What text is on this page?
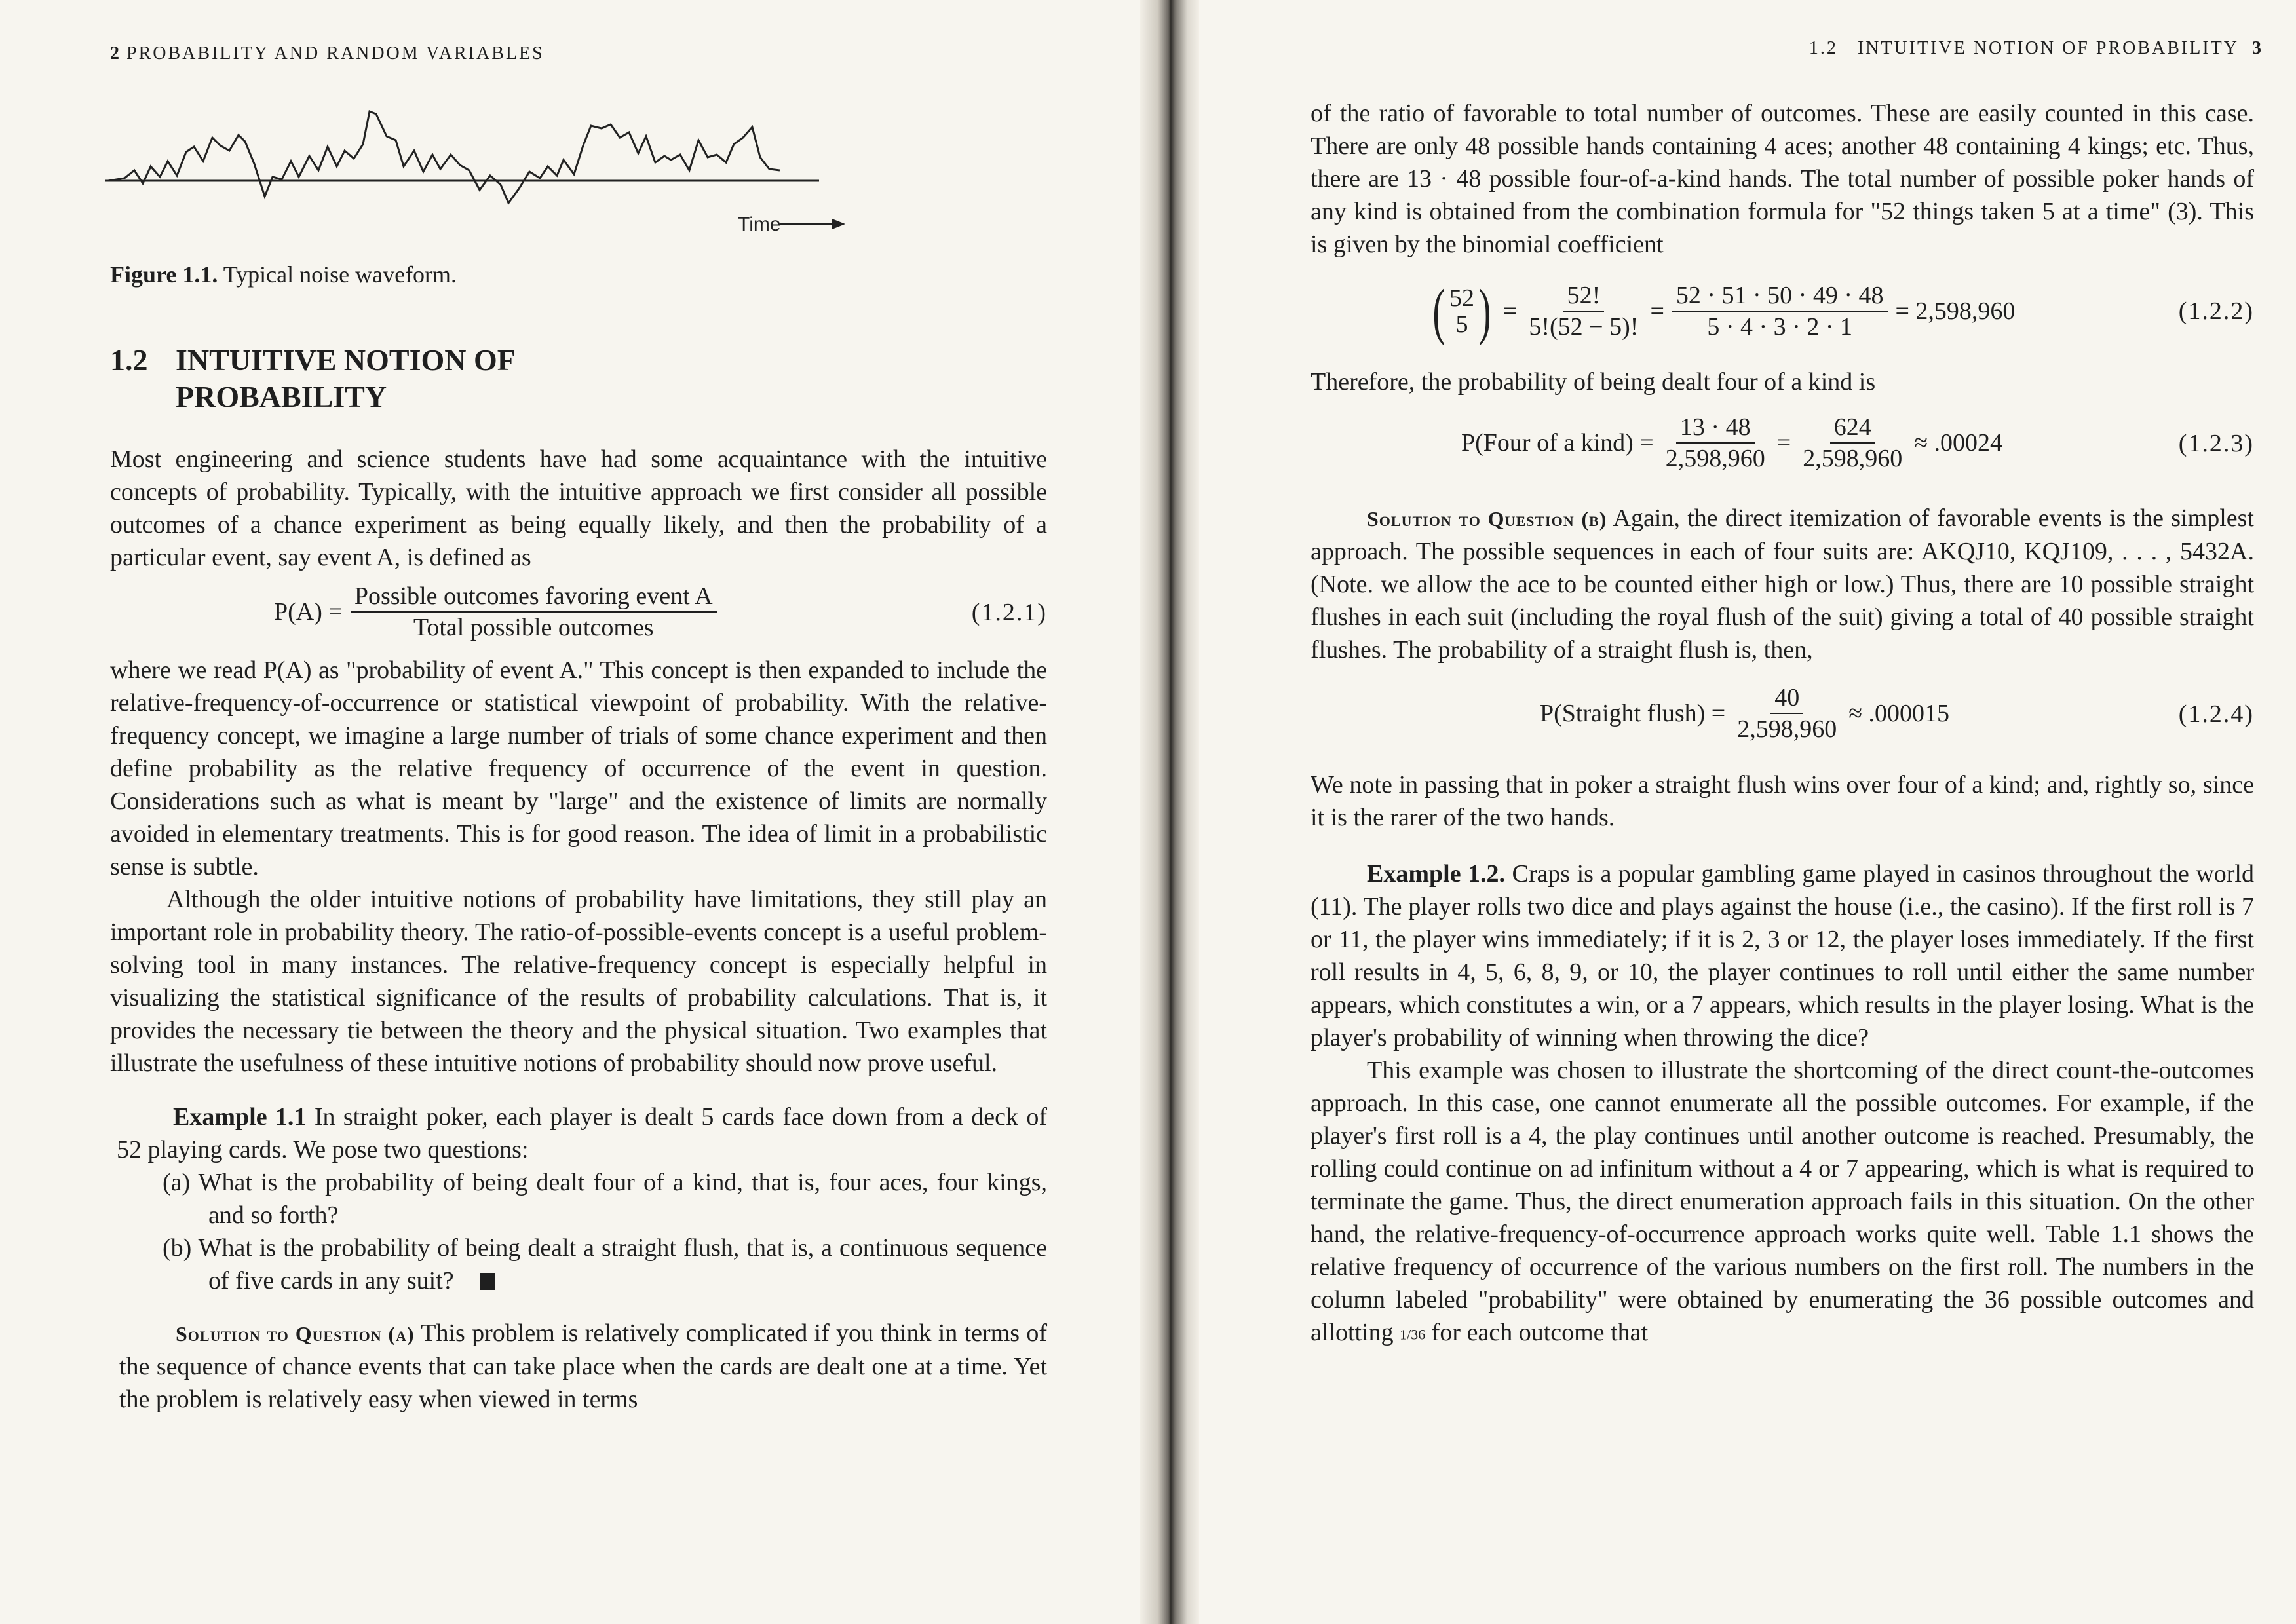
2 PROBABILITY AND RANDOM VARIABLES
Time
Figure 1.1. Typical noise waveform.
1.2 INTUITIVE NOTION OF
PROBABILITY

Most engineering and science students have had some acquaintance with the intuitive concepts of probability. Typically, with the intuitive approach we first consider all possible outcomes of a chance experiment as being equally likely, and then the probability of a particular event, say event A, is defined as

$P(A) = \frac{\text{Possible outcomes favoring event A}}{\text{Total possible outcomes}}$	(1.2.1)

where we read P(A) as "probability of event A." This concept is then expanded to include the relative-frequency-of-occurrence or statistical viewpoint of probability. With the relative-frequency concept, we imagine a large number of trials of some chance experiment and then define probability as the relative frequency of occurrence of the event in question. Considerations such as what is meant by "large" and the existence of limits are normally avoided in elementary treatments. This is for good reason. The idea of limit in a probabilistic sense is subtle.

Although the older intuitive notions of probability have limitations, they still play an important role in probability theory. The ratio-of-possible-events concept is a useful problem-solving tool in many instances. The relative-frequency concept is especially helpful in visualizing the statistical significance of the results of probability calculations. That is, it provides the necessary tie between the theory and the physical situation. Two examples that illustrate the usefulness of these intuitive notions of probability should now prove useful.

Example 1.1 In straight poker, each player is dealt 5 cards face down from a deck of 52 playing cards. We pose two questions:

(a) What is the probability of being dealt four of a kind, that is, four aces, four kings, and so forth?
(b) What is the probability of being dealt a straight flush, that is, a continuous sequence of five cards in any suit?

Solution to Question (a) This problem is relatively complicated if you think in terms of the sequence of chance events that can take place when the cards are dealt one at a time. Yet the problem is relatively easy when viewed in terms

1.2 INTUITIVE NOTION OF PROBABILITY 3

of the ratio of favorable to total number of outcomes. These are easily counted in this case. There are only 48 possible hands containing 4 aces; another 48 containing 4 kings; etc. Thus, there are 13 · 48 possible four-of-a-kind hands. The total number of possible poker hands of any kind is obtained from the combination formula for "52 things taken 5 at a time" (3). This is given by the binomial coefficient

( 52
5 ) = $\frac{52!}{5!(52 - 5)!} = \frac{52 \cdot 51 \cdot 50 \cdot 49 \cdot 48}{5 \cdot 4 \cdot 3 \cdot 2 \cdot 1} = 2,598,960$	(1.2.2)

Therefore, the probability of being dealt four of a kind is

P(Four of a kind) = $\frac{13 \cdot 48}{2,598,960} = \frac{624}{2,598,960} \approx .00024$	(1.2.3)

Solution to Question (b) Again, the direct itemization of favorable events is the simplest approach. The possible sequences in each of four suits are: AKQJ10, KQJ109, . . . , 5432A. (Note. we allow the ace to be counted either high or low.) Thus, there are 10 possible straight flushes in each suit (including the royal flush of the suit) giving a total of 40 possible straight flushes. The probability of a straight flush is, then,

P(Straight flush) = $\frac{40}{2,598,960} \approx .000015$	(1.2.4)

We note in passing that in poker a straight flush wins over four of a kind; and, rightly so, since it is the rarer of the two hands.

Example 1.2. Craps is a popular gambling game played in casinos throughout the world (11). The player rolls two dice and plays against the house (i.e., the casino). If the first roll is 7 or 11, the player wins immediately; if it is 2, 3 or 12, the player loses immediately. If the first roll results in 4, 5, 6, 8, 9, or 10, the player continues to roll until either the same number appears, which constitutes a win, or a 7 appears, which results in the player losing. What is the player's probability of winning when throwing the dice?

This example was chosen to illustrate the shortcoming of the direct count-the-outcomes approach. In this case, one cannot enumerate all the possible outcomes. For example, if the player's first roll is a 4, the play continues until another outcome is reached. Presumably, the rolling could continue on ad infinitum without a 4 or 7 appearing, which is what is required to terminate the game. Thus, the direct enumeration approach fails in this situation. On the other hand, the relative-frequency-of-occurrence approach works quite well. Table 1.1 shows the relative frequency of occurrence of the various numbers on the first roll. The numbers in the column labeled "probability" were obtained by enumerating the 36 possible outcomes and allotting 1/36 for each outcome that
